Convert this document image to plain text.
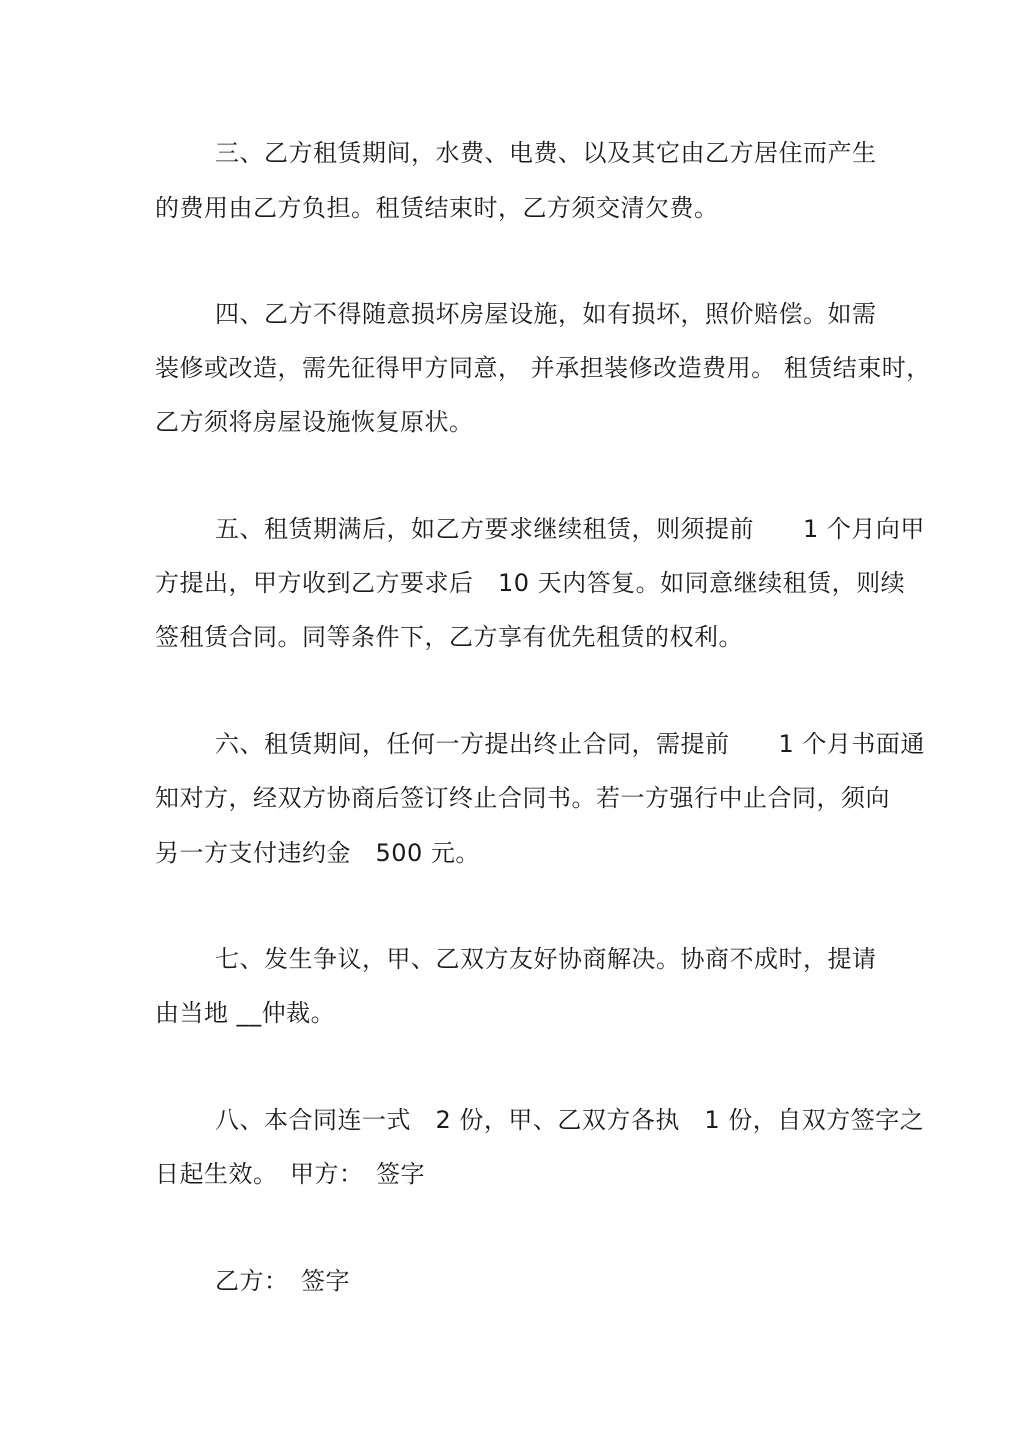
三、乙方租赁期间，水费、电费、以及其它由乙方居住而产生
的费用由乙方负担。租赁结束时，乙方须交清欠费。
四、乙方不得随意损坏房屋设施，如有损坏，照价赔偿。如需
装修或改造，需先征得甲方同意， 并承担装修改造费用。 租赁结束时，
乙方须将房屋设施恢复原状。
五、租赁期满后，如乙方要求继续租赁，则须提前　　1 个月向甲
方提出，甲方收到乙方要求后　10 天内答复。如同意继续租赁，则续
签租赁合同。同等条件下，乙方享有优先租赁的权利。
六、租赁期间，任何一方提出终止合同，需提前　　1 个月书面通
知对方，经双方协商后签订终止合同书。若一方强行中止合同，须向
另一方支付违约金　500 元。
七、发生争议，甲、乙双方友好协商解决。协商不成时，提请
由当地 __仲裁。
八、本合同连一式　2 份，甲、乙双方各执　1 份，自双方签字之
日起生效。　甲方：　签字
乙方：　签字
